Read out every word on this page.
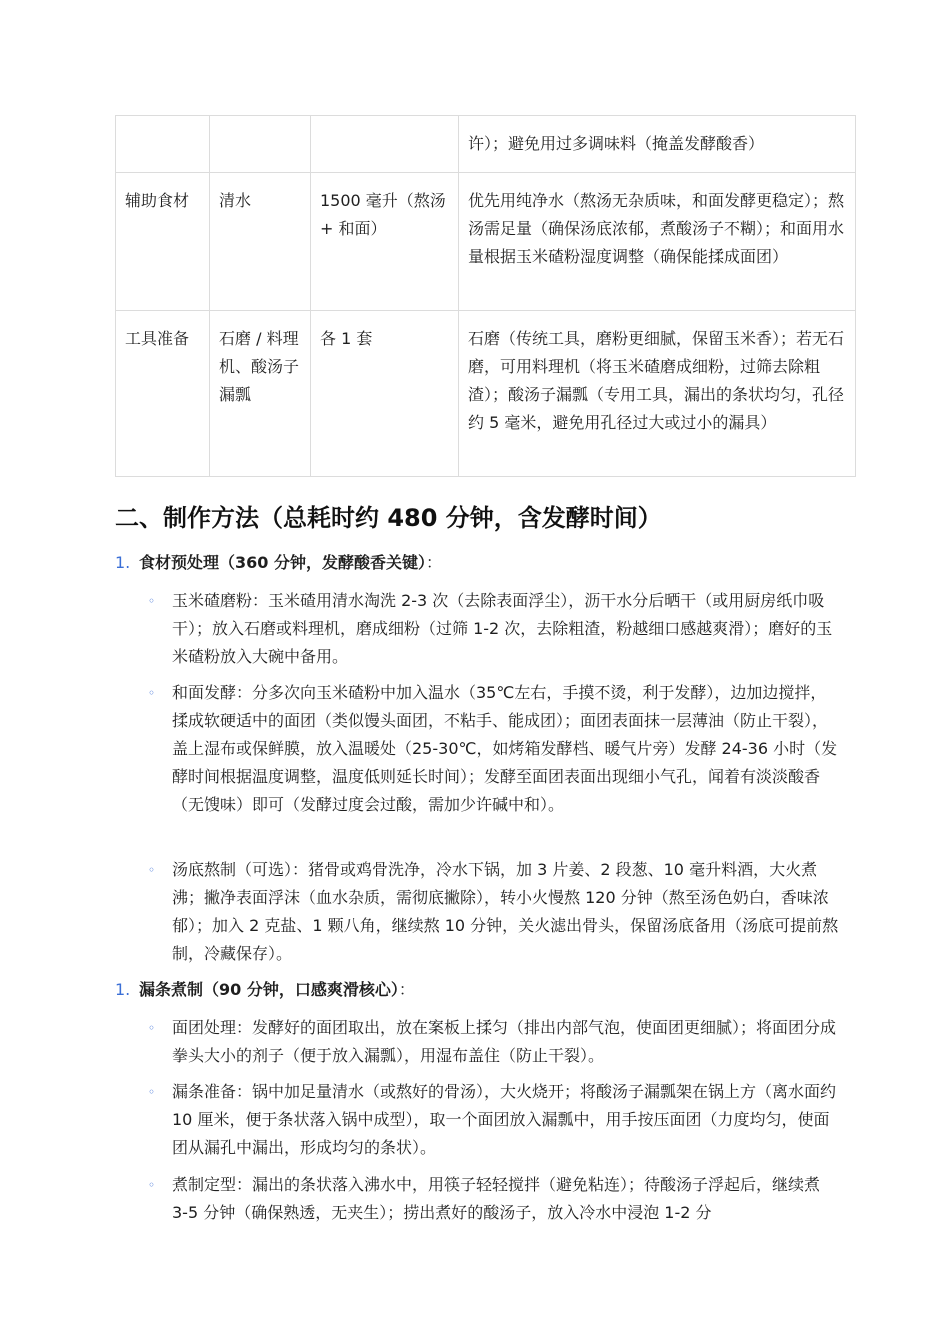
			许）；避免用过多调味料（掩盖发酵酸香）
辅助食材	清水	1500 毫升（熬汤 + 和面）	优先用纯净水（熬汤无杂质味，和面发酵更稳定）；熬汤需足量（确保汤底浓郁，煮酸汤子不糊）；和面用水量根据玉米碴粉湿度调整（确保能揉成面团）
工具准备	石磨 / 料理机、酸汤子漏瓢	各 1 套	石磨（传统工具，磨粉更细腻，保留玉米香）；若无石磨，可用料理机（将玉米碴磨成细粉，过筛去除粗渣）；酸汤子漏瓢（专用工具，漏出的条状均匀，孔径约 5 毫米，避免用孔径过大或过小的漏具）
二、制作方法（总耗时约 480 分钟，含发酵时间）
1. 食材预处理（360 分钟，发酵酸香关键）：
◦ 玉米碴磨粉：玉米碴用清水淘洗 2-3 次（去除表面浮尘），沥干水分后晒干（或用厨房纸巾吸干）；放入石磨或料理机，磨成细粉（过筛 1-2 次，去除粗渣，粉越细口感越爽滑）；磨好的玉米碴粉放入大碗中备用。
◦ 和面发酵：分多次向玉米碴粉中加入温水（35℃左右，手摸不烫，利于发酵），边加边搅拌，揉成软硬适中的面团（类似馒头面团，不粘手、能成团）；面团表面抹一层薄油（防止干裂），盖上湿布或保鲜膜，放入温暖处（25-30℃，如烤箱发酵档、暖气片旁）发酵 24-36 小时（发酵时间根据温度调整，温度低则延长时间）；发酵至面团表面出现细小气孔，闻着有淡淡酸香（无馊味）即可（发酵过度会过酸，需加少许碱中和）。
◦ 汤底熬制（可选）：猪骨或鸡骨洗净，冷水下锅，加 3 片姜、2 段葱、10 毫升料酒，大火煮沸；撇净表面浮沫（血水杂质，需彻底撇除），转小火慢熬 120 分钟（熬至汤色奶白，香味浓郁）；加入 2 克盐、1 颗八角，继续熬 10 分钟，关火滤出骨头，保留汤底备用（汤底可提前熬制，冷藏保存）。
1. 漏条煮制（90 分钟，口感爽滑核心）：
◦ 面团处理：发酵好的面团取出，放在案板上揉匀（排出内部气泡，使面团更细腻）；将面团分成拳头大小的剂子（便于放入漏瓢），用湿布盖住（防止干裂）。
◦ 漏条准备：锅中加足量清水（或熬好的骨汤），大火烧开；将酸汤子漏瓢架在锅上方（离水面约 10 厘米，便于条状落入锅中成型），取一个面团放入漏瓢中，用手按压面团（力度均匀，使面团从漏孔中漏出，形成均匀的条状）。
◦ 煮制定型：漏出的条状落入沸水中，用筷子轻轻搅拌（避免粘连）；待酸汤子浮起后，继续煮 3-5 分钟（确保熟透，无夹生）；捞出煮好的酸汤子，放入冷水中浸泡 1-2 分
